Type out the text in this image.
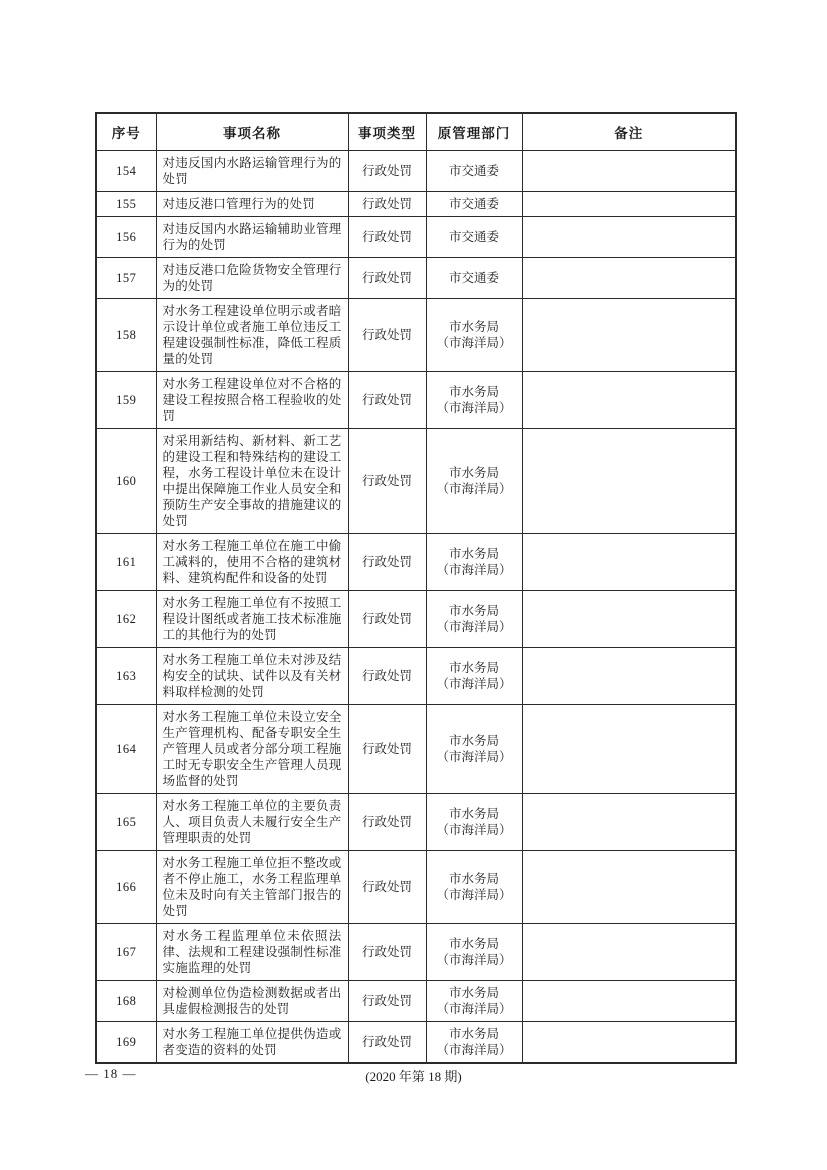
序号	事项名称	事项类型	原管理部门	备注
154	对违反国内水路运输管理行为的处罚	行政处罚	市交通委	

155	对违反港口管理行为的处罚	行政处罚	市交通委	

156	对违反国内水路运输辅助业管理行为的处罚	行政处罚	市交通委	

157	对违反港口危险货物安全管理行为的处罚	行政处罚	市交通委	

158	对水务工程建设单位明示或者暗示设计单位或者施工单位违反工程建设强制性标准，降低工程质量的处罚	行政处罚	市水务局
（市海洋局）	

159	对水务工程建设单位对不合格的建设工程按照合格工程验收的处罚	行政处罚	市水务局
（市海洋局）	

160	对采用新结构、新材料、新工艺的建设工程和特殊结构的建设工程，水务工程设计单位未在设计中提出保障施工作业人员安全和预防生产安全事故的措施建议的处罚	行政处罚	市水务局
（市海洋局）	

161	对水务工程施工单位在施工中偷工减料的，使用不合格的建筑材料、建筑构配件和设备的处罚	行政处罚	市水务局
（市海洋局）	

162	对水务工程施工单位有不按照工程设计图纸或者施工技术标准施工的其他行为的处罚	行政处罚	市水务局
（市海洋局）	

163	对水务工程施工单位未对涉及结构安全的试块、试件以及有关材料取样检测的处罚	行政处罚	市水务局
（市海洋局）	

164	对水务工程施工单位未设立安全生产管理机构、配备专职安全生产管理人员或者分部分项工程施工时无专职安全生产管理人员现场监督的处罚	行政处罚	市水务局
（市海洋局）	

165	对水务工程施工单位的主要负责人、项目负责人未履行安全生产管理职责的处罚	行政处罚	市水务局
（市海洋局）	

166	对水务工程施工单位拒不整改或者不停止施工，水务工程监理单位未及时向有关主管部门报告的处罚	行政处罚	市水务局
（市海洋局）	

167	对水务工程监理单位未依照法律、法规和工程建设强制性标准实施监理的处罚	行政处罚	市水务局
（市海洋局）	

168	对检测单位伪造检测数据或者出具虚假检测报告的处罚	行政处罚	市水务局
（市海洋局）	

169	对水务工程施工单位提供伪造或者变造的资料的处罚	行政处罚	市水务局
（市海洋局）	

— 18 —	(2020 年第 18 期)
